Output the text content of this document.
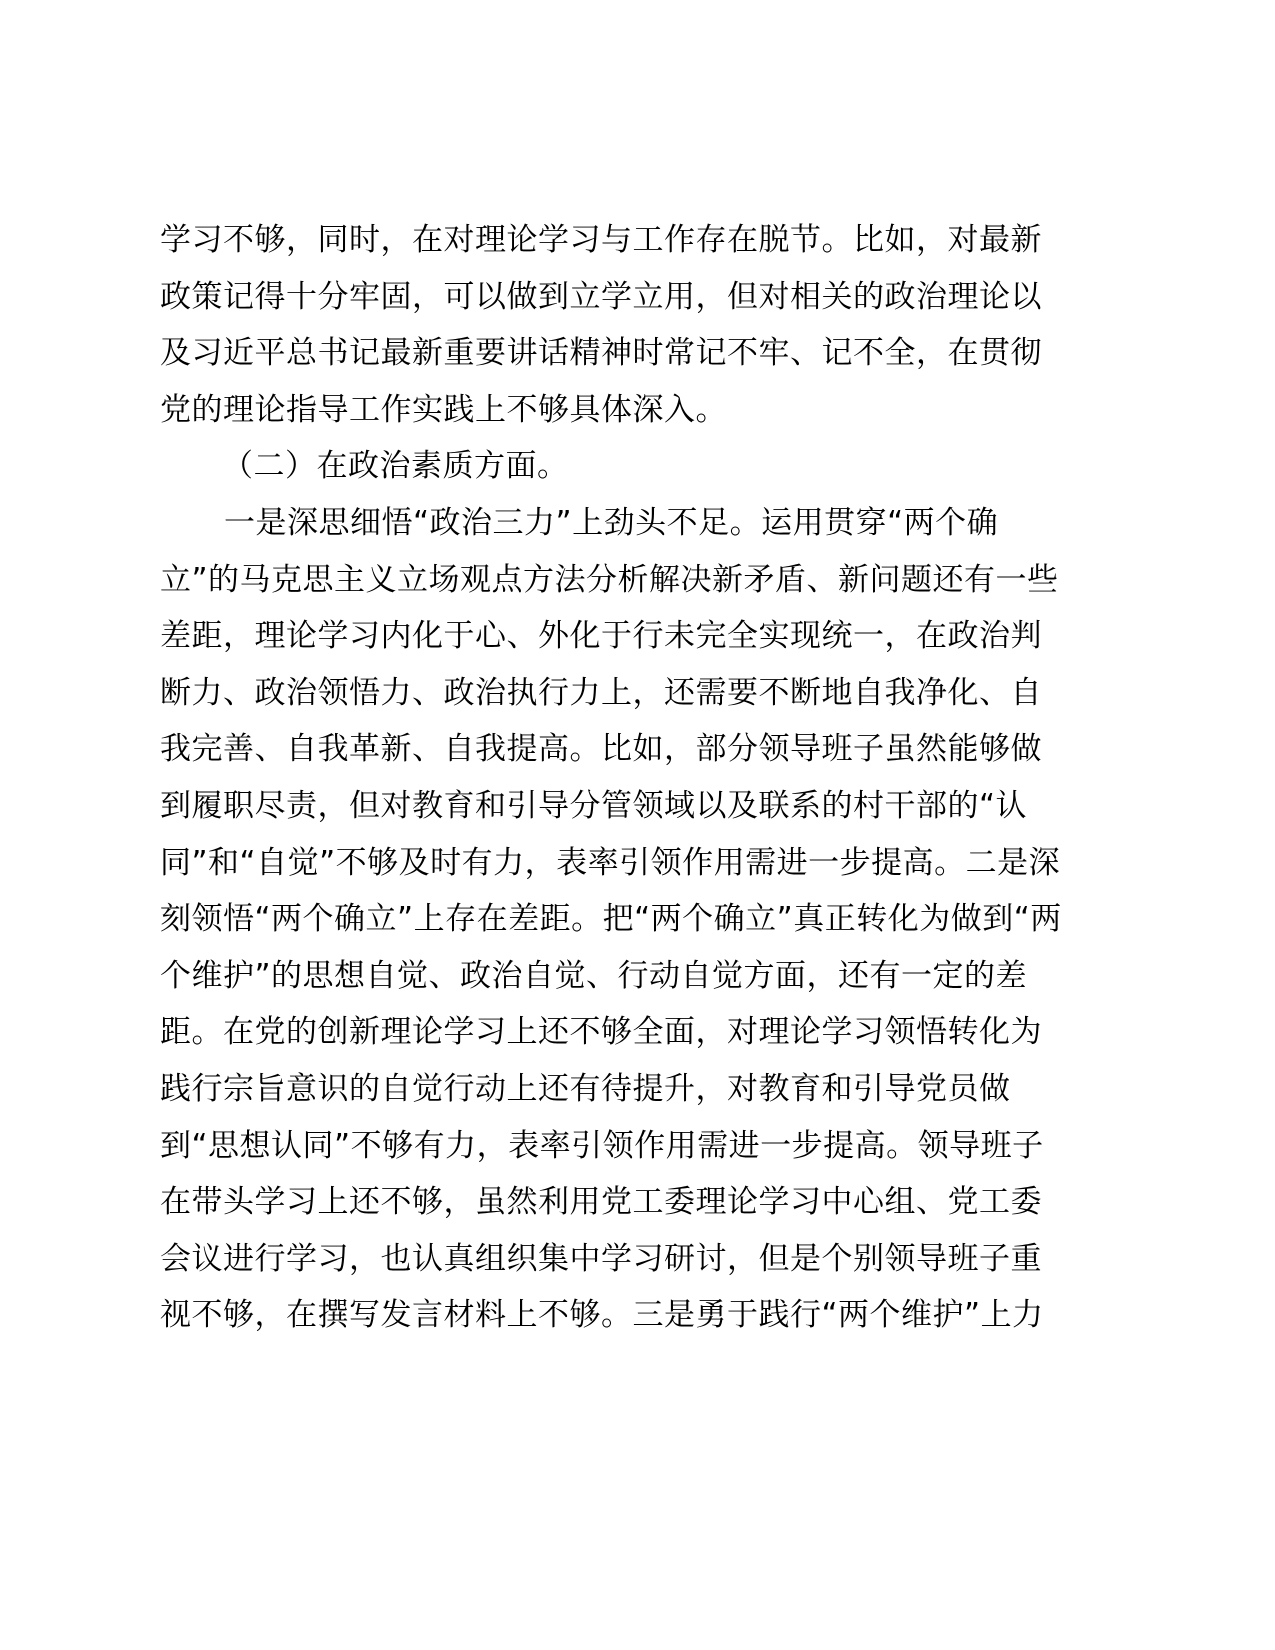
学习不够，同时，在对理论学习与工作存在脱节。比如，对最新
政策记得十分牢固，可以做到立学立用，但对相关的政治理论以
及习近平总书记最新重要讲话精神时常记不牢、记不全，在贯彻
党的理论指导工作实践上不够具体深入。
（二）在政治素质方面。
一是深思细悟“政治三力”上劲头不足。运用贯穿“两个确
立”的马克思主义立场观点方法分析解决新矛盾、新问题还有一些
差距，理论学习内化于心、外化于行未完全实现统一，在政治判
断力、政治领悟力、政治执行力上，还需要不断地自我净化、自
我完善、自我革新、自我提高。比如，部分领导班子虽然能够做
到履职尽责，但对教育和引导分管领域以及联系的村干部的“认
同”和“自觉”不够及时有力，表率引领作用需进一步提高。二是深
刻领悟“两个确立”上存在差距。把“两个确立”真正转化为做到“两
个维护”的思想自觉、政治自觉、行动自觉方面，还有一定的差
距。在党的创新理论学习上还不够全面，对理论学习领悟转化为
践行宗旨意识的自觉行动上还有待提升，对教育和引导党员做
到“思想认同”不够有力，表率引领作用需进一步提高。领导班子
在带头学习上还不够，虽然利用党工委理论学习中心组、党工委
会议进行学习，也认真组织集中学习研讨，但是个别领导班子重
视不够，在撰写发言材料上不够。三是勇于践行“两个维护”上力
